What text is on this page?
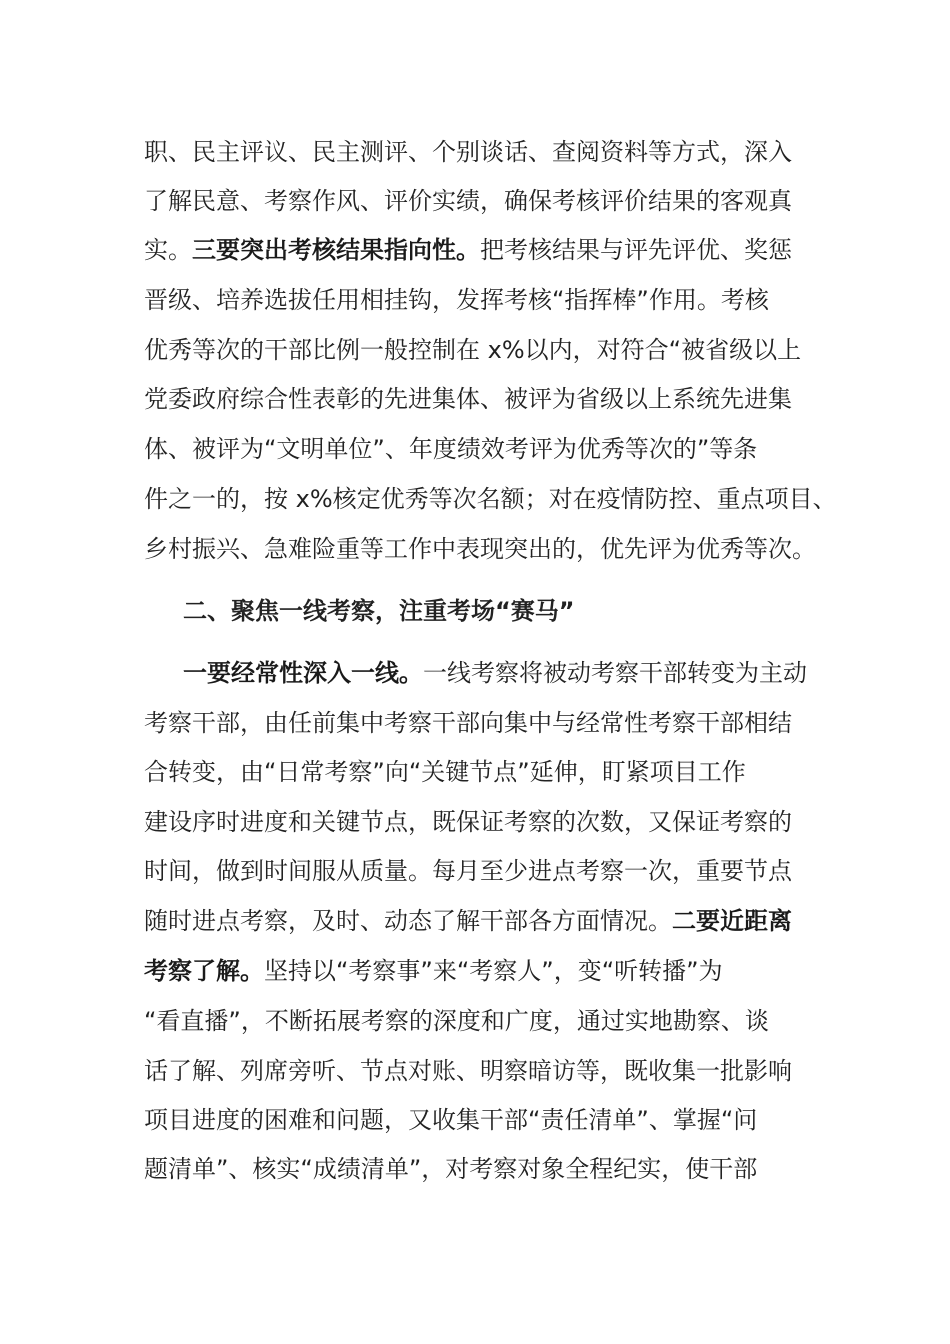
职、民主评议、民主测评、个别谈话、查阅资料等方式，深入
了解民意、考察作风、评价实绩，确保考核评价结果的客观真
实。三要突出考核结果指向性。把考核结果与评先评优、奖惩
晋级、培养选拔任用相挂钩，发挥考核“指挥棒”作用。考核
优秀等次的干部比例一般控制在 x%以内，对符合“被省级以上
党委政府综合性表彰的先进集体、被评为省级以上系统先进集
体、被评为“文明单位”、年度绩效考评为优秀等次的”等条
件之一的，按 x%核定优秀等次名额；对在疫情防控、重点项目、
乡村振兴、急难险重等工作中表现突出的，优先评为优秀等次。
二、聚焦一线考察，注重考场“赛马”
一要经常性深入一线。一线考察将被动考察干部转变为主动
考察干部，由任前集中考察干部向集中与经常性考察干部相结
合转变，由“日常考察”向“关键节点”延伸，盯紧项目工作
建设序时进度和关键节点，既保证考察的次数，又保证考察的
时间，做到时间服从质量。每月至少进点考察一次，重要节点
随时进点考察，及时、动态了解干部各方面情况。二要近距离
考察了解。坚持以“考察事”来“考察人”，变“听转播”为
“看直播”，不断拓展考察的深度和广度，通过实地勘察、谈
话了解、列席旁听、节点对账、明察暗访等，既收集一批影响
项目进度的困难和问题，又收集干部“责任清单”、掌握“问
题清单”、核实“成绩清单”，对考察对象全程纪实，使干部
